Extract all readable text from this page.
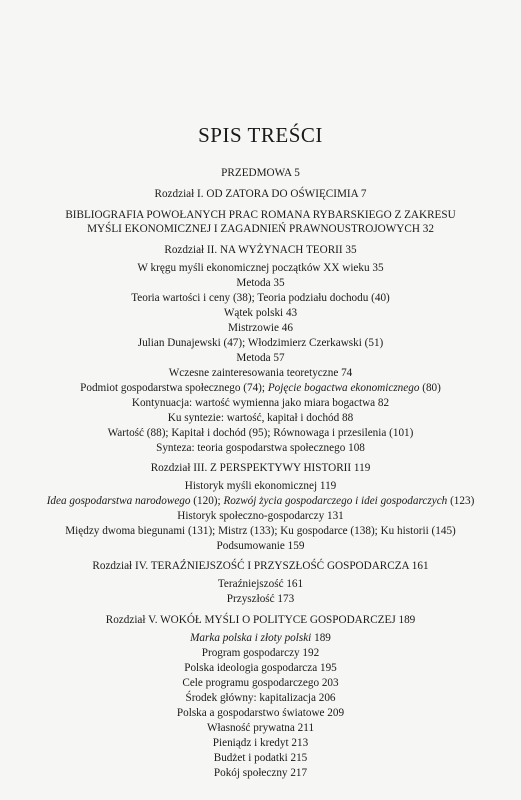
SPIS TREŚCI
PRZEDMOWA 5
Rozdział I. OD ZATORA DO OŚWIĘCIMIA 7
BIBLIOGRAFIA POWOŁANYCH PRAC ROMANA RYBARSKIEGO Z ZAKRESU
MYŚLI EKONOMICZNEJ I ZAGADNIEŃ PRAWNOUSTROJOWYCH 32
Rozdział II. NA WYŻYNACH TEORII 35
W kręgu myśli ekonomicznej początków XX wieku 35
Metoda 35
Teoria wartości i ceny (38); Teoria podziału dochodu (40)
Wątek polski 43
Mistrzowie 46
Julian Dunajewski (47); Włodzimierz Czerkawski (51)
Metoda 57
Wczesne zainteresowania teoretyczne 74
Podmiot gospodarstwa społecznego (74); Pojęcie bogactwa ekonomicznego (80)
Kontynuacja: wartość wymienna jako miara bogactwa 82
Ku syntezie: wartość, kapitał i dochód 88
Wartość (88); Kapitał i dochód (95); Równowaga i przesilenia (101)
Synteza: teoria gospodarstwa społecznego 108
Rozdział III. Z PERSPEKTYWY HISTORII 119
Historyk myśli ekonomicznej 119
Idea gospodarstwa narodowego (120); Rozwój życia gospodarczego i idei gospodarczych (123)
Historyk społeczno-gospodarczy 131
Między dwoma biegunami (131); Mistrz (133); Ku gospodarce (138); Ku historii (145)
Podsumowanie 159
Rozdział IV. TERAŹNIEJSZOŚĆ I PRZYSZŁOŚĆ GOSPODARCZA 161
Teraźniejszość 161
Przyszłość 173
Rozdział V. WOKÓŁ MYŚLI O POLITYCE GOSPODARCZEJ 189
Marka polska i złoty polski 189
Program gospodarczy 192
Polska ideologia gospodarcza 195
Cele programu gospodarczego 203
Środek główny: kapitalizacja 206
Polska a gospodarstwo światowe 209
Własność prywatna 211
Pieniądz i kredyt 213
Budżet i podatki 215
Pokój społeczny 217
